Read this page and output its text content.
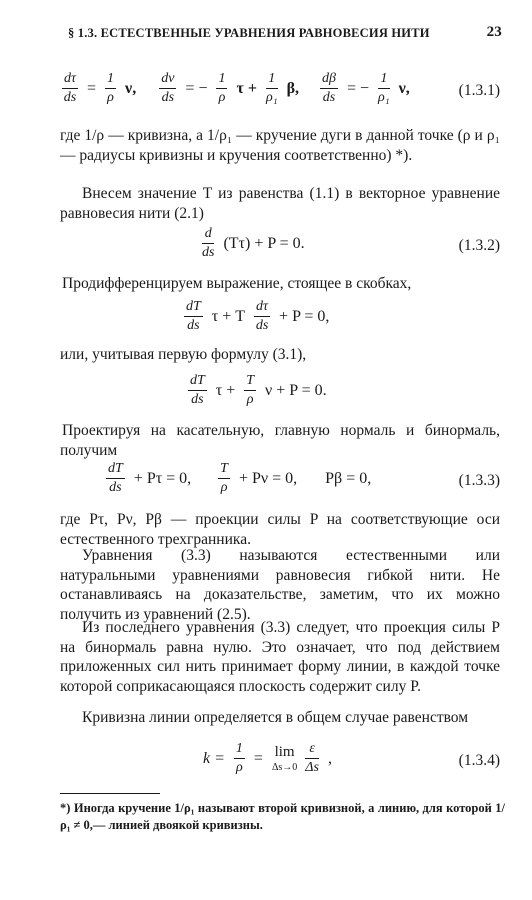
§ 1.3. ЕСТЕСТВЕННЫЕ УРАВНЕНИЯ РАВНОВЕСИЯ НИТИ	23
$\frac{d\tau}{ds} = \frac{1}{\rho} \nu$, $\frac{d\nu}{ds}$ = − $\frac{1}{\rho}$ $\tau + \frac{1}{\text{ρ₁}} \beta$, $\frac{d\beta}{ds}$ = − $\frac{1}{\text{ρ₁}} \nu$,	(1.3.1)
где 1/ρ — кривизна, а 1/ρ₁ — кручение дуги в данной точке (ρ и ρ₁ — радиусы кривизны и кручения соответственно) *).
Внесем значение T из равенства (1.1) в векторное уравнение равновесия нити (2.1)
$\frac{d}{ds} (T\tau) + P = 0$.	(1.3.2)
Продифференцируем выражение, стоящее в скобках,
$\frac{dT}{ds}$ τ + T $\frac{d\tau}{ds} + P = 0$,
или, учитывая первую формулу (3.1),
$\frac{dT}{ds}$ $\tau + \frac{T}{\rho}$ ν + P = 0.
Проектируя на касательную, главную нормаль и бинормаль, получим
$\frac{dT}{ds} + P\tau = 0$, $\frac{T}{\rho} + P\nu = 0$, Pβ = 0,	(1.3.3)
где Pτ, Pν, Pβ — проекции силы P на соответствующие оси естественного трехгранника.
Уравнения (3.3) называются естественными или натуральными уравнениями равновесия гибкой нити. Не останавливаясь на доказательстве, заметим, что их можно получить из уравнений (2.5).
Из последнего уравнения (3.3) следует, что проекция силы P на бинормаль равна нулю. Это означает, что под действием приложенных сил нить принимает форму линии, в каждой точке которой соприкасающаяся плоскость содержит силу P.
Кривизна линии определяется в общем случае равенством
$k = \frac{1}{\rho} = \lim$
Δs→0
$\frac{\varepsilon}{\Delta s}$ ,	(1.3.4)
*) Иногда кручение 1/ρ₁ называют второй кривизной, а линию, для которой 1/ρ₁ ≠ 0,— линией двоякой кривизны.
